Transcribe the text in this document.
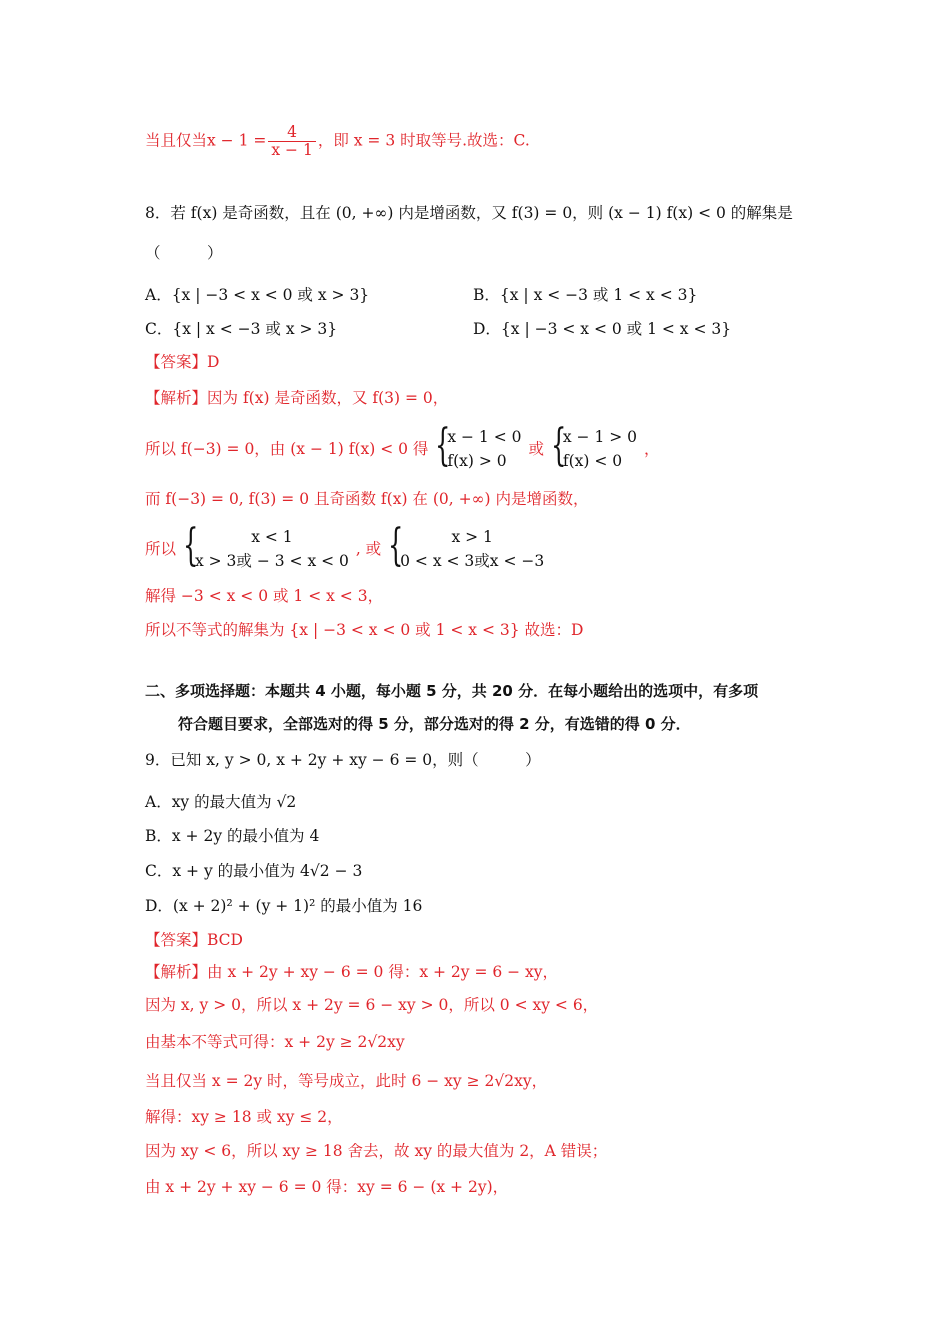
当且仅当$x - 1 = \frac{4}{x - 1}$ ，即 x = 3 时取等号.故选：C.
8．若 f(x) 是奇函数，且在 (0, +∞) 内是增函数，又 f(3) = 0，则 (x − 1) f(x) < 0 的解集是
（　　　）
A．{x | −3 < x < 0 或 x > 3}	B．{x | x < −3 或 1 < x < 3}
C．{x | x < −3 或 x > 3}	D．{x | −3 < x < 0 或 1 < x < 3}
【答案】D
【解析】因为 f(x) 是奇函数，又 f(3) = 0，
所以 f(−3) = 0，由 (x − 1) f(x) < 0 得 {
x − 1 < 0
f(x) > 0
或 {
x − 1 > 0
f(x) < 0
，
而 f(−3) = 0, f(3) = 0 且奇函数 f(x) 在 (0, +∞) 内是增函数，
所以 {	x < 1
x > 3或 − 3 < x < 0
, 或 {	x > 1
0 < x < 3或x < −3
解得 −3 < x < 0 或 1 < x < 3，
所以不等式的解集为 {x | −3 < x < 0 或 1 < x < 3} 故选：D
二、多项选择题：本题共 4 小题，每小题 5 分，共 20 分．在每小题给出的选项中，有多项
符合题目要求，全部选对的得 5 分，部分选对的得 2 分，有选错的得 0 分．
9．已知 x, y > 0, x + 2y + xy − 6 = 0，则（　　　）
A．xy 的最大值为 √2
B．x + 2y 的最小值为 4
C．x + y 的最小值为 4√2 − 3
D．(x + 2)² + (y + 1)² 的最小值为 16
【答案】BCD
【解析】由 x + 2y + xy − 6 = 0 得：x + 2y = 6 − xy，
因为 x, y > 0，所以 x + 2y = 6 − xy > 0，所以 0 < xy < 6，
由基本不等式可得：x + 2y ≥ 2√2xy
当且仅当 x = 2y 时，等号成立，此时 6 − xy ≥ 2√2xy，
解得：xy ≥ 18 或 xy ≤ 2，
因为 xy < 6，所以 xy ≥ 18 舍去，故 xy 的最大值为 2，A 错误；
由 x + 2y + xy − 6 = 0 得：xy = 6 − (x + 2y)，
